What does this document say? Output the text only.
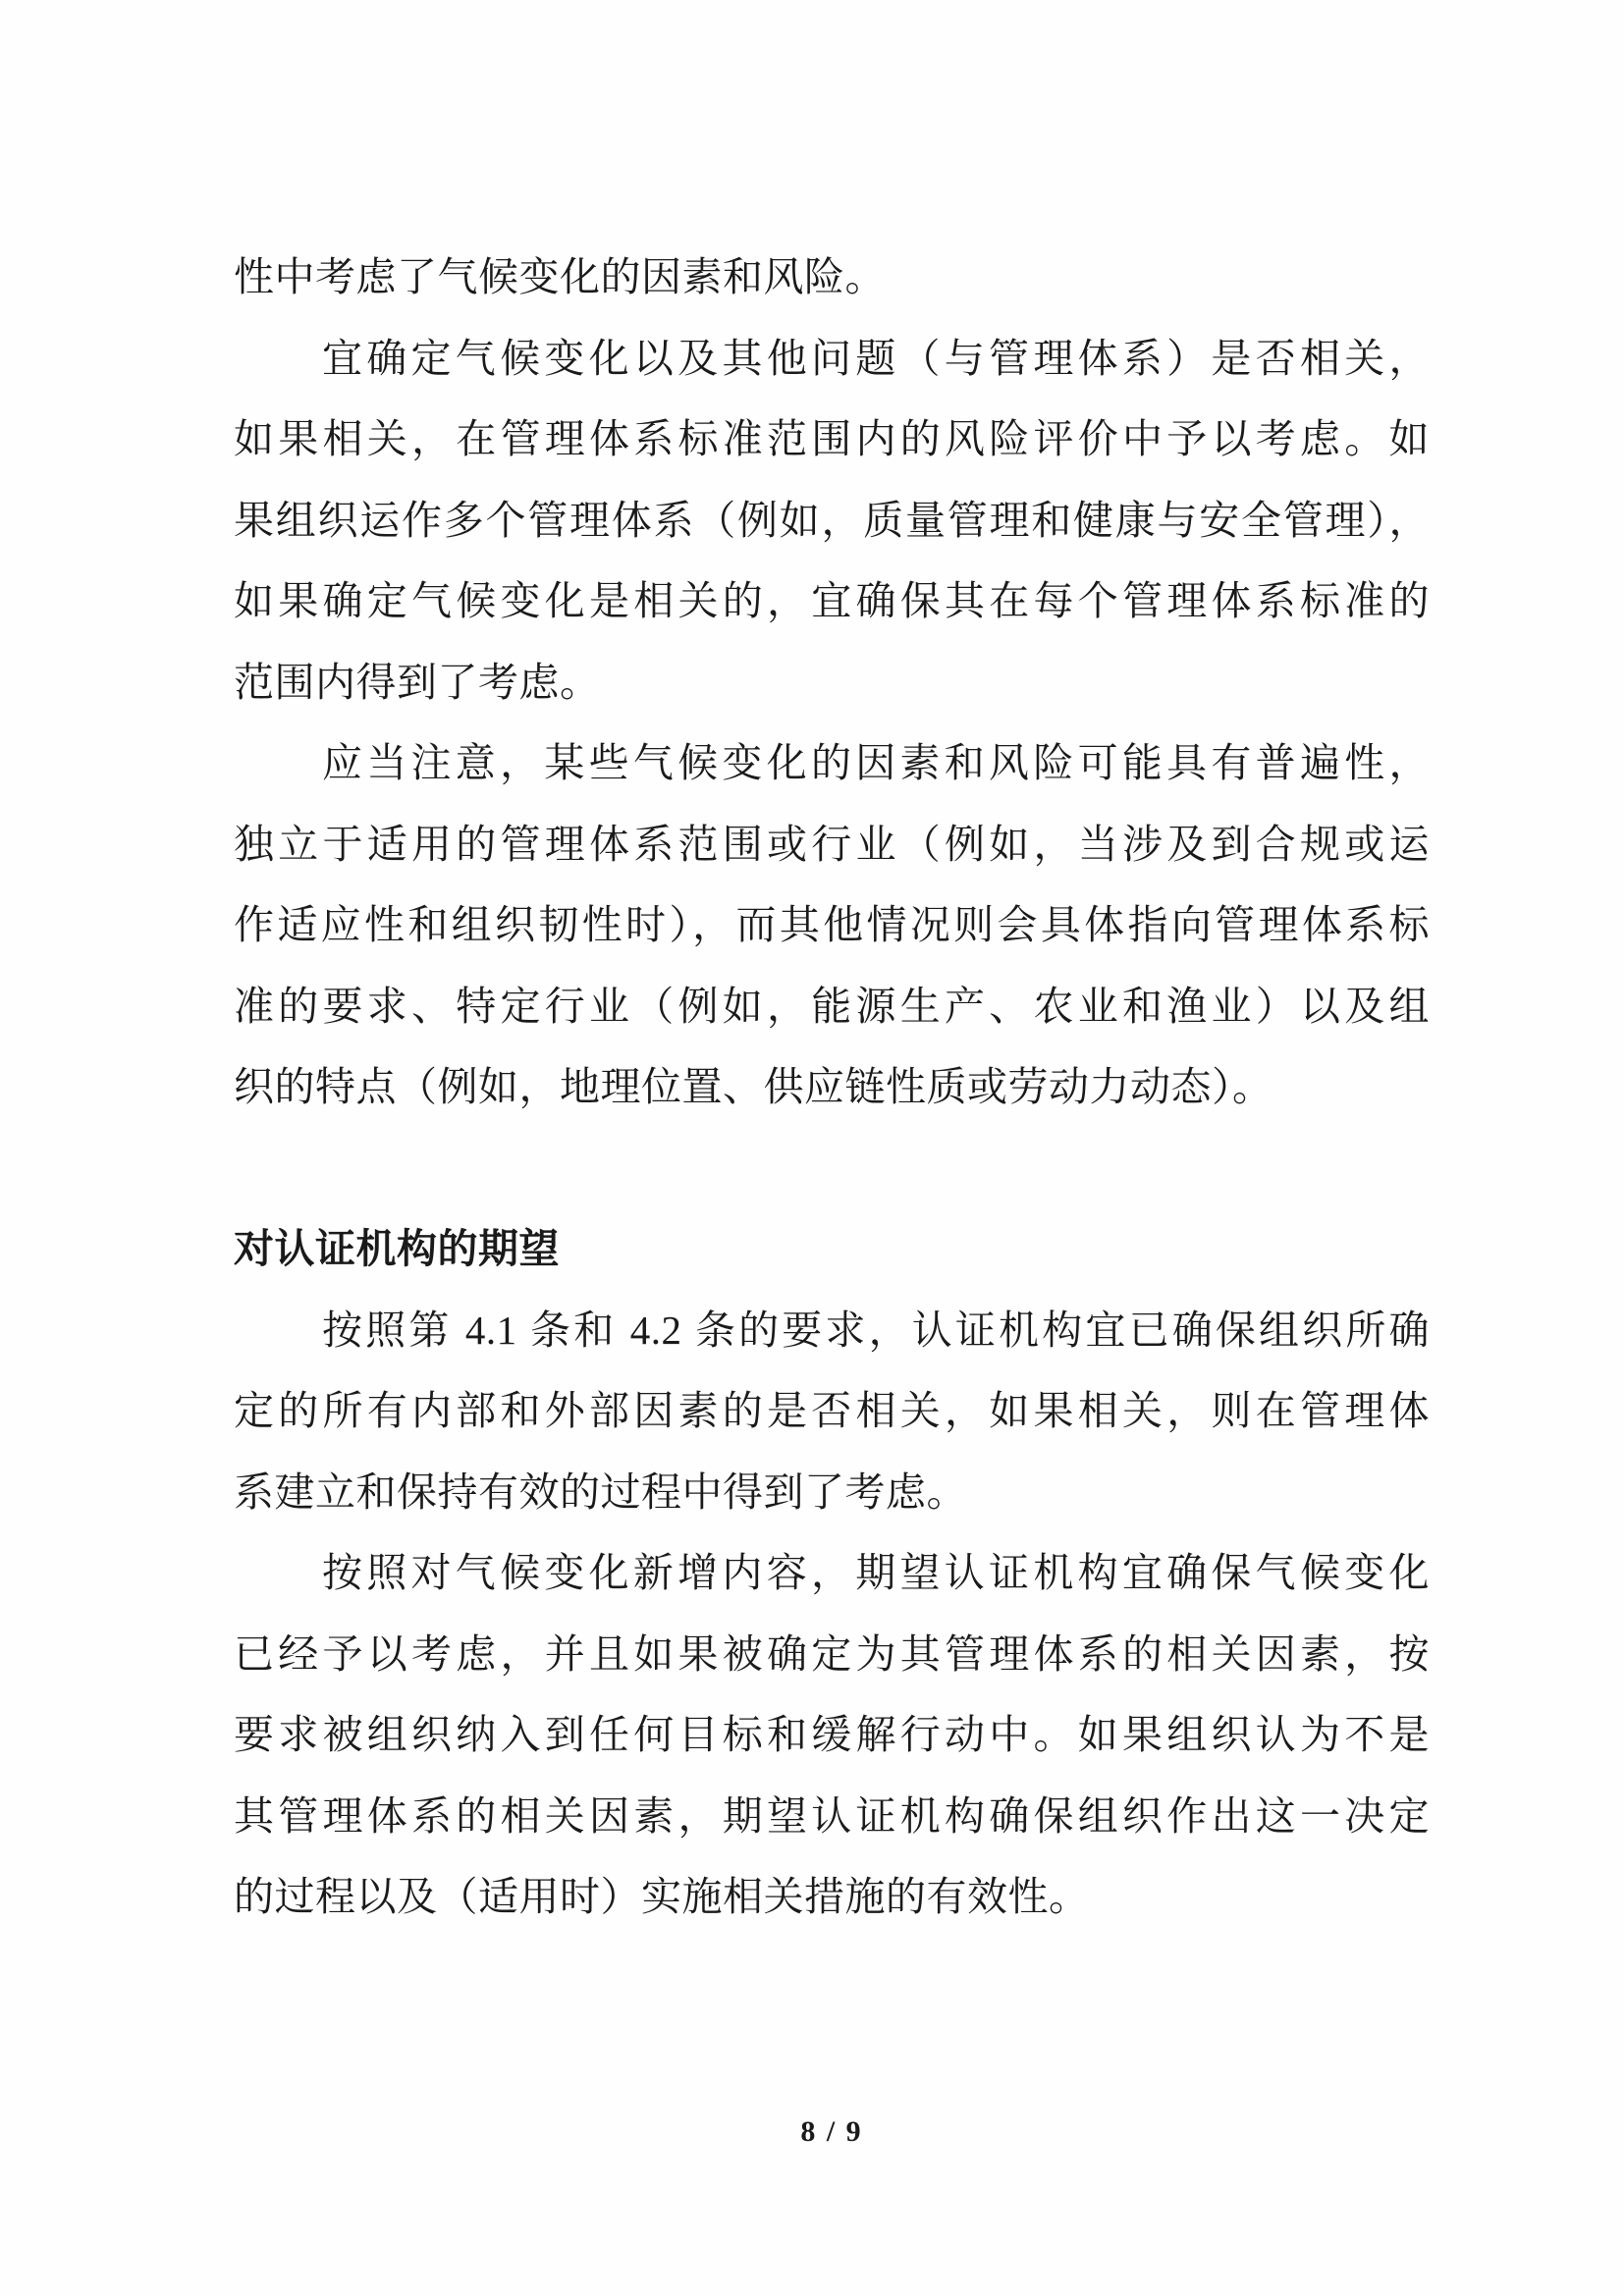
性中考虑了气候变化的因素和风险。
宜确定气候变化以及其他问题（与管理体系）是否相关，
如果相关，在管理体系标准范围内的风险评价中予以考虑。如
果组织运作多个管理体系（例如，质量管理和健康与安全管理），
如果确定气候变化是相关的，宜确保其在每个管理体系标准的
范围内得到了考虑。
应当注意，某些气候变化的因素和风险可能具有普遍性，
独立于适用的管理体系范围或行业（例如，当涉及到合规或运
作适应性和组织韧性时），而其他情况则会具体指向管理体系标
准的要求、特定行业（例如，能源生产、农业和渔业）以及组
织的特点（例如，地理位置、供应链性质或劳动力动态）。
对认证机构的期望
按照第 4.1 条和 4.2 条的要求，认证机构宜已确保组织所确
定的所有内部和外部因素的是否相关，如果相关，则在管理体
系建立和保持有效的过程中得到了考虑。
按照对气候变化新增内容，期望认证机构宜确保气候变化
已经予以考虑，并且如果被确定为其管理体系的相关因素，按
要求被组织纳入到任何目标和缓解行动中。如果组织认为不是
其管理体系的相关因素，期望认证机构确保组织作出这一决定
的过程以及（适用时）实施相关措施的有效性。
8 / 9
